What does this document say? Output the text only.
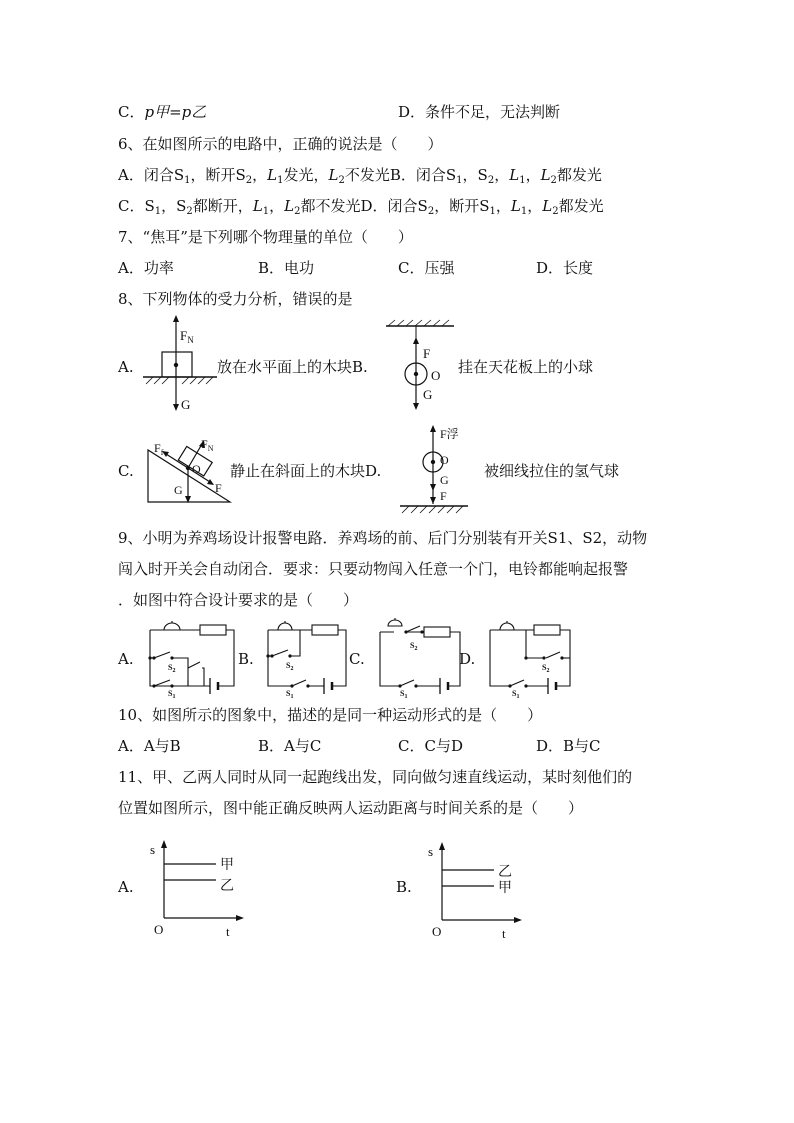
C．p甲=p乙	D．条件不足，无法判断
6、在如图所示的电路中，正确的说法是（　　）
A．闭合$S_1$，断开$S_2$，$L_1$发光，$L_2$不发光B．闭合$S_1$，$S_2$，$L_1$，$L_2$都发光
C．$S_1$，$S_2$都断开，$L_1$，$L_2$都不发光D．闭合$S_2$，断开$S_1$，$L_1$，$L_2$都发光
7、“焦耳”是下列哪个物理量的单位（　　）
A．功率	B．电功	C．压强	D．长度
8、下列物体的受力分析，错误的是
A.	放在水平面上的木块B.	挂在天花板上的小球
C.	静止在斜面上的木块D.	被细线拉住的氢气球
$F_N$
G
F
O
G
$F_N$
$F_f$
O
G	F
F浮
O
G
F
9、小明为养鸡场设计报警电路．养鸡场的前、后门分别装有开关S1、S2，动物
闯入时开关会自动闭合．要求：只要动物闯入任意一个门，电铃都能响起报警
．如图中符合设计要求的是（　　）
A.	B.	C.	D.
$S_2$
$S_1$
$S_2$
$S_1$
$S_2$
$S_1$
$S_2$
$S_1$
10、如图所示的图象中，描述的是同一种运动形式的是（　　）
A．A与B	B．A与C	C．C与D	D．B与C
11、甲、乙两人同时从同一起跑线出发，同向做匀速直线运动，某时刻他们的
位置如图所示，图中能正确反映两人运动距离与时间关系的是（　　）
A.	B.
s
O	t
甲
乙
s
O	t
乙
甲
